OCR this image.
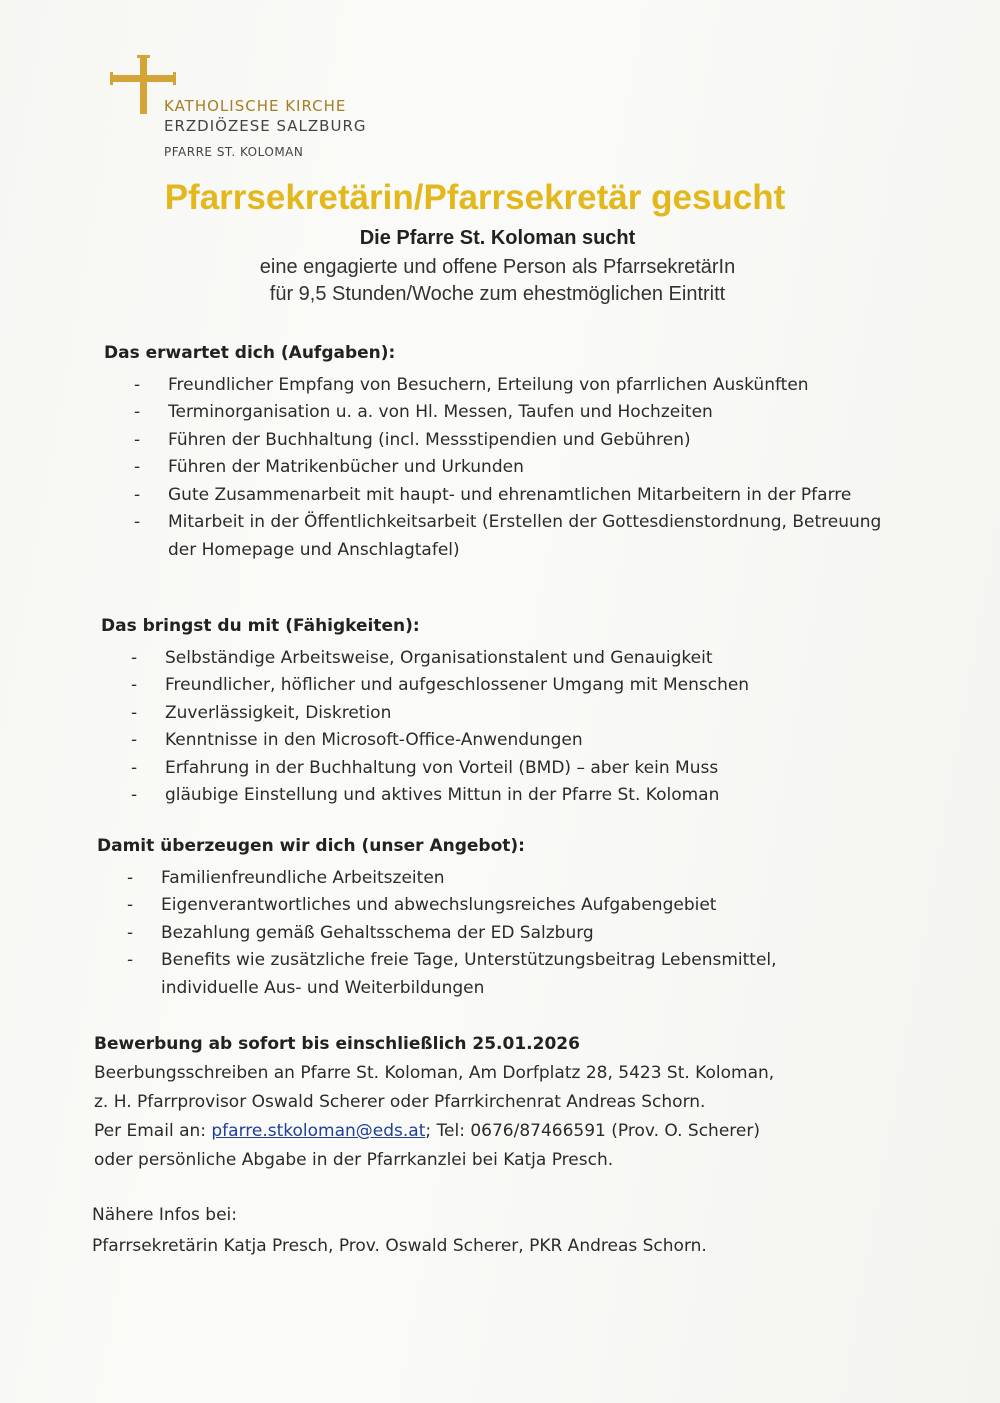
KATHOLISCHE KIRCHE
ERZDIÖZESE SALZBURG
PFARRE ST. KOLOMAN
Pfarrsekretärin/Pfarrsekretär gesucht
Die Pfarre St. Koloman sucht
eine engagierte und offene Person als PfarrsekretärIn
für 9,5 Stunden/Woche zum ehestmöglichen Eintritt
Das erwartet dich (Aufgaben):
- Freundlicher Empfang von Besuchern, Erteilung von pfarrlichen Auskünften
- Terminorganisation u. a. von Hl. Messen, Taufen und Hochzeiten
- Führen der Buchhaltung (incl. Messstipendien und Gebühren)
- Führen der Matrikenbücher und Urkunden
- Gute Zusammenarbeit mit haupt- und ehrenamtlichen Mitarbeitern in der Pfarre
- Mitarbeit in der Öffentlichkeitsarbeit (Erstellen der Gottesdienstordnung, Betreuung der Homepage und Anschlagtafel)
Das bringst du mit (Fähigkeiten):
- Selbständige Arbeitsweise, Organisationstalent und Genauigkeit
- Freundlicher, höflicher und aufgeschlossener Umgang mit Menschen
- Zuverlässigkeit, Diskretion
- Kenntnisse in den Microsoft-Office-Anwendungen
- Erfahrung in der Buchhaltung von Vorteil (BMD) – aber kein Muss
- gläubige Einstellung und aktives Mittun in der Pfarre St. Koloman
Damit überzeugen wir dich (unser Angebot):
- Familienfreundliche Arbeitszeiten
- Eigenverantwortliches und abwechslungsreiches Aufgabengebiet
- Bezahlung gemäß Gehaltsschema der ED Salzburg
- Benefits wie zusätzliche freie Tage, Unterstützungsbeitrag Lebensmittel, individuelle Aus- und Weiterbildungen
Bewerbung ab sofort bis einschließlich 25.01.2026
Beerbungsschreiben an Pfarre St. Koloman, Am Dorfplatz 28, 5423 St. Koloman,
z. H. Pfarrprovisor Oswald Scherer oder Pfarrkirchenrat Andreas Schorn.
Per Email an: pfarre.stkoloman@eds.at; Tel: 0676/87466591 (Prov. O. Scherer)
oder persönliche Abgabe in der Pfarrkanzlei bei Katja Presch.
Nähere Infos bei:
Pfarrsekretärin Katja Presch, Prov. Oswald Scherer, PKR Andreas Schorn.
